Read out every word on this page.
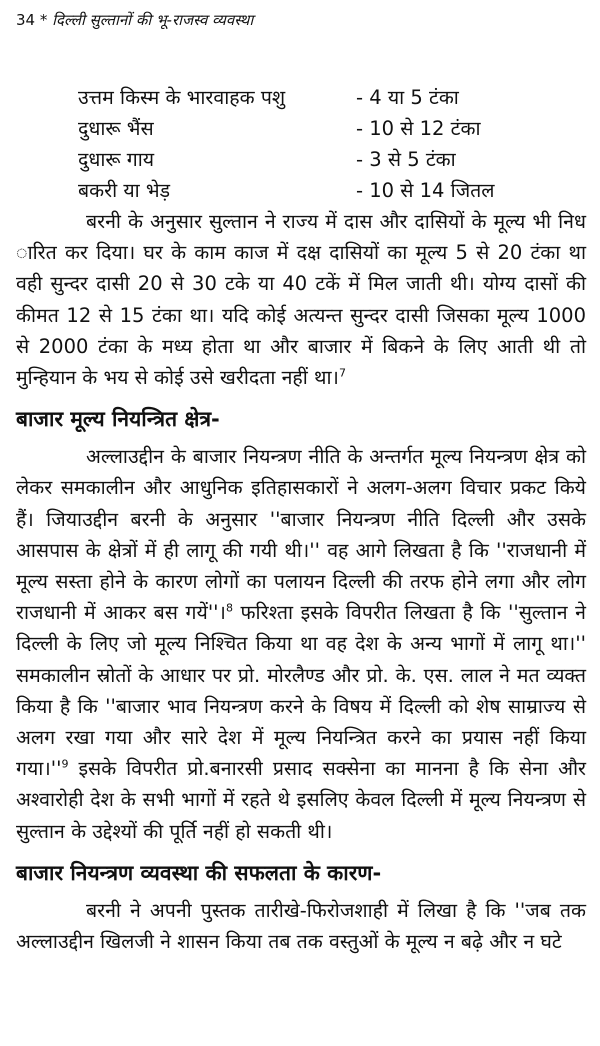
34 * दिल्ली सुल्तानों की भू-राजस्व व्यवस्था
उत्तम किस्म के भारवाहक पशु	- 4 या 5 टंका
दुधारू भैंस	- 10 से 12 टंका
दुधारू गाय	- 3 से 5 टंका
बकरी या भेड़	- 10 से 14 जितल

बरनी के अनुसार सुल्तान ने राज्य में दास और दासियों के मूल्य भी निध ारित कर दिया। घर के काम काज में दक्ष दासियों का मूल्य 5 से 20 टंका था वही सुन्दर दासी 20 से 30 टके या 40 टकें में मिल जाती थी। योग्य दासों की कीमत 12 से 15 टंका था। यदि कोई अत्यन्त सुन्दर दासी जिसका मूल्य 1000 से 2000 टंका के मध्य होता था और बाजार में बिकने के लिए आती थी तो मुन्हियान के भय से कोई उसे खरीदता नहीं था।$^7$

बाजार मूल्य नियन्त्रित क्षेत्र-

अल्लाउद्दीन के बाजार नियन्त्रण नीति के अन्तर्गत मूल्य नियन्त्रण क्षेत्र को लेकर समकालीन और आधुनिक इतिहासकारों ने अलग-अलग विचार प्रकट किये हैं। जियाउद्दीन बरनी के अनुसार ''बाजार नियन्त्रण नीति दिल्ली और उसके आसपास के क्षेत्रों में ही लागू की गयी थी।'' वह आगे लिखता है कि ''राजधानी में मूल्य सस्ता होने के कारण लोगों का पलायन दिल्ली की तरफ होने लगा और लोग राजधानी में आकर बस गयें''।$^8$ फरिश्ता इसके विपरीत लिखता है कि ''सुल्तान ने दिल्ली के लिए जो मूल्य निश्चित किया था वह देश के अन्य भागों में लागू था।'' समकालीन स्रोतों के आधार पर प्रो. मोरलैण्ड और प्रो. के. एस. लाल ने मत व्यक्त किया है कि ''बाजार भाव नियन्त्रण करने के विषय में दिल्ली को शेष साम्राज्य से अलग रखा गया और सारे देश में मूल्य नियन्त्रित करने का प्रयास नहीं किया $गया।''^9$ इसके विपरीत प्रो.बनारसी प्रसाद सक्सेना का मानना है कि सेना और अश्वारोही देश के सभी भागों में रहते थे इसलिए केवल दिल्ली में मूल्य नियन्त्रण से सुल्तान के उद्देश्यों की पूर्ति नहीं हो सकती थी।

बाजार नियन्त्रण व्यवस्था की सफलता के कारण-

बरनी ने अपनी पुस्तक तारीखे-फिरोजशाही में लिखा है कि ''जब तक अल्लाउद्दीन खिलजी ने शासन किया तब तक वस्तुओं के मूल्य न बढ़े और न घटे
